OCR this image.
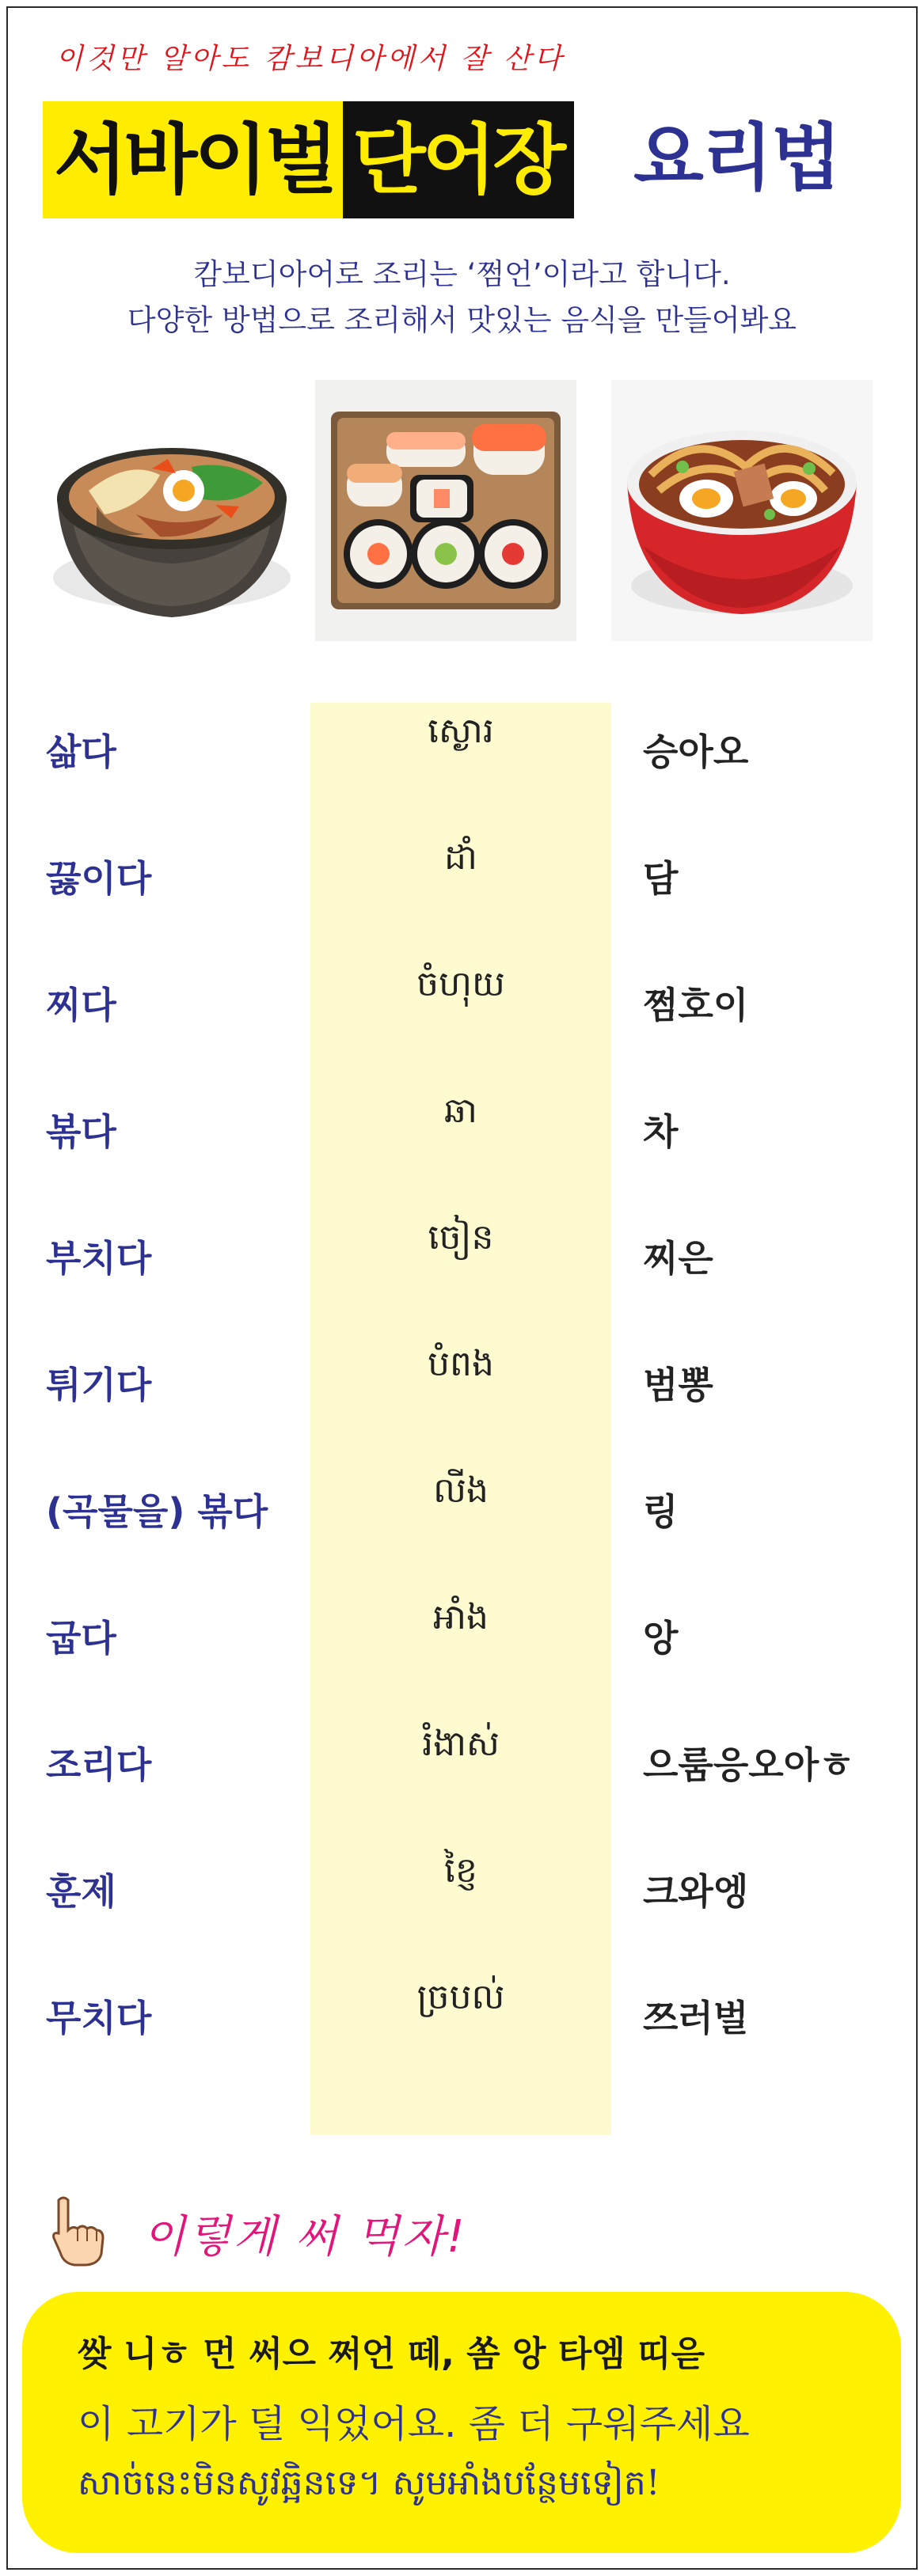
이것만 알아도 캄보디아에서 잘 산다
서바이벌 단어장 요리법
캄보디아어로 조리는 ‘쩜언’이라고 합니다.
다양한 방법으로 조리해서 맛있는 음식을 만들어봐요
삶다	ស្ងោរ	승아오
끓이다	ដាំ	담
찌다	ចំហុយ	쩜호이
볶다	ឆា	차
부치다	ចៀន	찌은
튀기다	បំពង	범뽕
(곡물을) 볶다	លីង	링
굽다	អាំង	앙
조리다	រំងាស់	으룸응오아ㅎ
훈제	ខ្ញៃ	크와엥
무치다	ច្របល់	쯔러벌
이렇게 써 먹자!
쌎 니ㅎ 먼 써으 쩌언 떼, 쏨 앙 타엠 띠읃
이 고기가 덜 익었어요. 좀 더 구워주세요
សាច់នេះមិនសូវឆ្អិនទេ។ សូមអាំងបន្ថែមទៀត!
